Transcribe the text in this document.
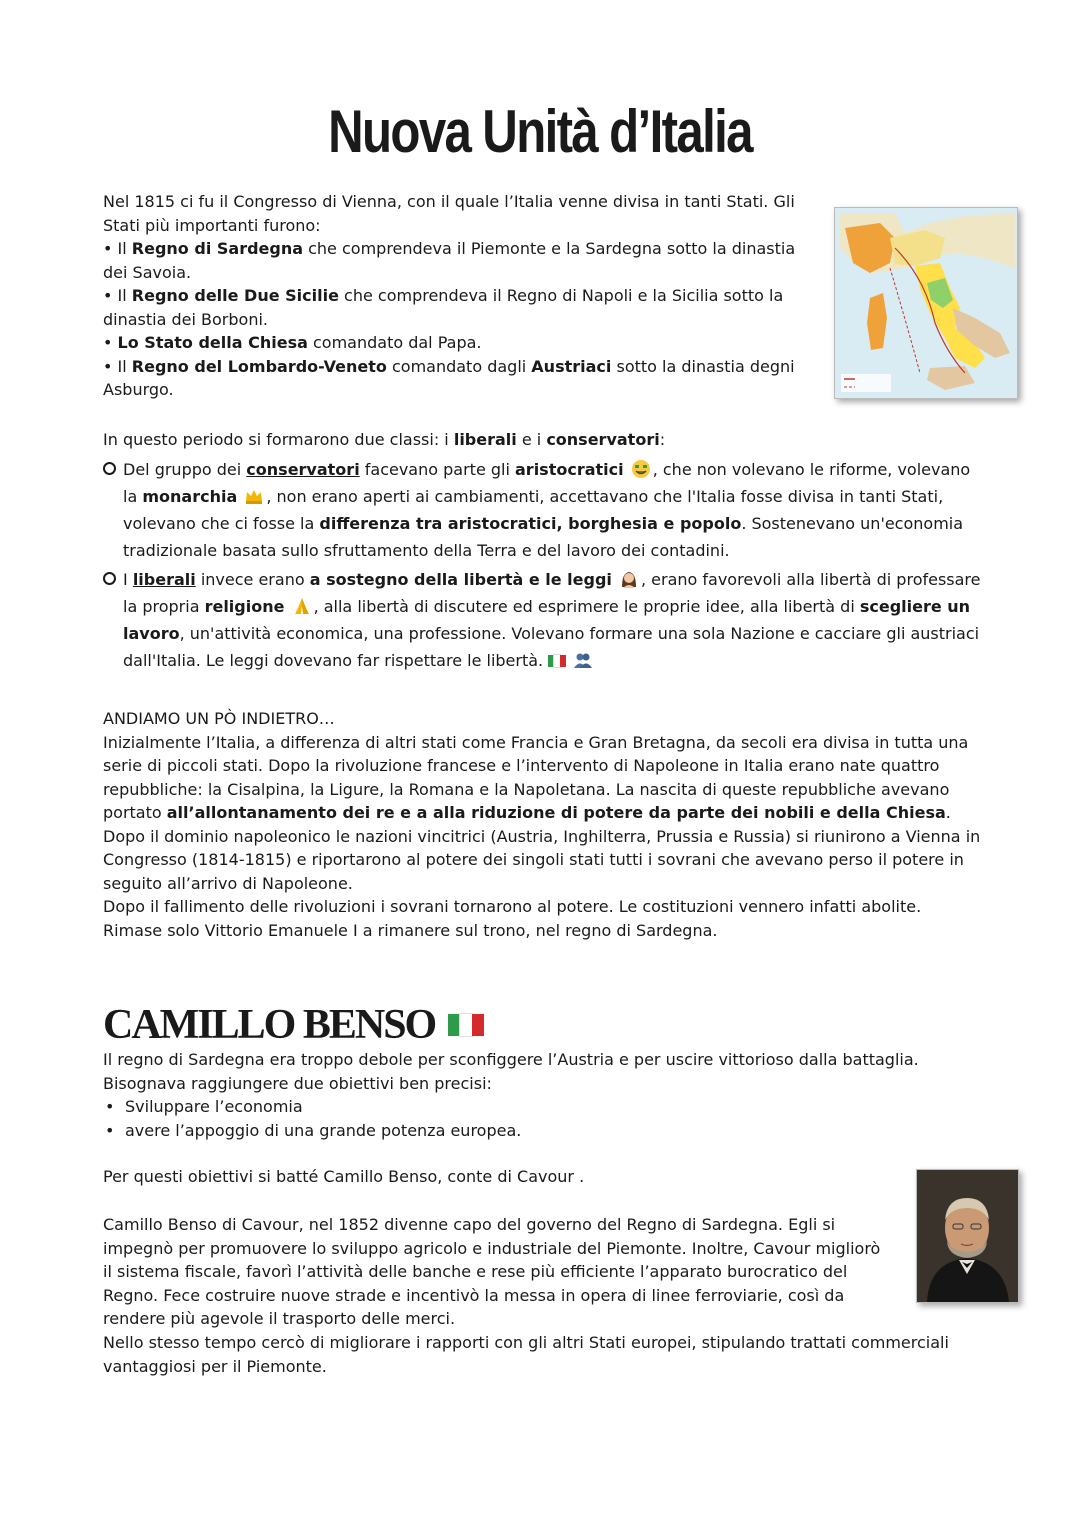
Nuova Unità d’Italia

Nel 1815 ci fu il Congresso di Vienna, con il quale l’Italia venne divisa in tanti Stati. Gli Stati più importanti furono:

• Il Regno di Sardegna che comprendeva il Piemonte e la Sardegna sotto la dinastia dei Savoia.

• Il Regno delle Due Sicilie che comprendeva il Regno di Napoli e la Sicilia sotto la dinastia dei Borboni.

• Lo Stato della Chiesa comandato dal Papa.

• Il Regno del Lombardo-Veneto comandato dagli Austriaci sotto la dinastia degni Asburgo.

In questo periodo si formarono due classi: i liberali e i conservatori:

Del gruppo dei conservatori facevano parte gli aristocratici , che non volevano le riforme, volevano la monarchia , non erano aperti ai cambiamenti, accettavano che l'Italia fosse divisa in tanti Stati, volevano che ci fosse la differenza tra aristocratici, borghesia e popolo. Sostenevano un'economia tradizionale basata sullo sfruttamento della Terra e del lavoro dei contadini.
I liberali invece erano a sostegno della libertà e le leggi , erano favorevoli alla libertà di professare la propria religione , alla libertà di discutere ed esprimere le proprie idee, alla libertà di scegliere un lavoro, un'attività economica, una professione. Volevano formare una sola Nazione e cacciare gli austriaci dall'Italia. Le leggi dovevano far rispettare le libertà.

ANDIAMO UN PÒ INDIETRO…

Inizialmente l’Italia, a differenza di altri stati come Francia e Gran Bretagna, da secoli era divisa in tutta una serie di piccoli stati. Dopo la rivoluzione francese e l’intervento di Napoleone in Italia erano nate quattro repubbliche: la Cisalpina, la Ligure, la Romana e la Napoletana. La nascita di queste repubbliche avevano portato all’allontanamento dei re e a alla riduzione di potere da parte dei nobili e della Chiesa.

Dopo il dominio napoleonico le nazioni vincitrici (Austria, Inghilterra, Prussia e Russia) si riunirono a Vienna in Congresso (1814-1815) e riportarono al potere dei singoli stati tutti i sovrani che avevano perso il potere in seguito all’arrivo di Napoleone.

Dopo il fallimento delle rivoluzioni i sovrani tornarono al potere. Le costituzioni vennero infatti abolite. Rimase solo Vittorio Emanuele I a rimanere sul trono, nel regno di Sardegna.

CAMILLO BENSO

Il regno di Sardegna era troppo debole per sconfiggere l’Austria e per uscire vittorioso dalla battaglia. Bisognava raggiungere due obiettivi ben precisi:

• Sviluppare l’economia

• avere l’appoggio di una grande potenza europea.

Per questi obiettivi si batté Camillo Benso, conte di Cavour .

Camillo Benso di Cavour, nel 1852 divenne capo del governo del Regno di Sardegna. Egli si impegnò per promuovere lo sviluppo agricolo e industriale del Piemonte. Inoltre, Cavour migliorò il sistema fiscale, favorì l’attività delle banche e rese più efficiente l’apparato burocratico del Regno. Fece costruire nuove strade e incentivò la messa in opera di linee ferroviarie, così da rendere più agevole il trasporto delle merci.

Nello stesso tempo cercò di migliorare i rapporti con gli altri Stati europei, stipulando trattati commerciali vantaggiosi per il Piemonte.
